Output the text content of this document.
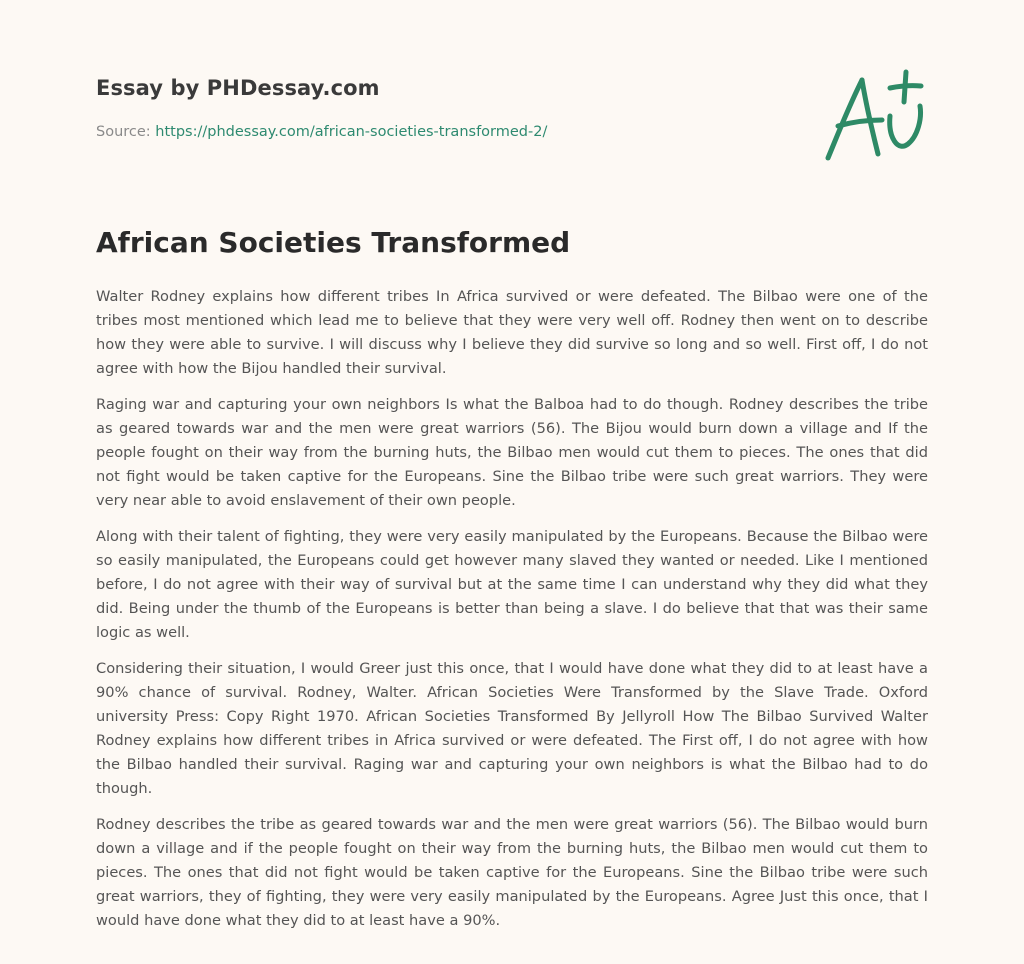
Essay by PHDessay.com
Source: https://phdessay.com/african-societies-transformed-2/
African Societies Transformed

Walter Rodney explains how different tribes In Africa survived or were defeated. The Bilbao were one of the tribes most mentioned which lead me to believe that they were very well off. Rodney then went on to describe how they were able to survive. I will discuss why I believe they did survive so long and so well. First off, I do not agree with how the Bijou handled their survival.

Raging war and capturing your own neighbors Is what the Balboa had to do though. Rodney describes the tribe as geared towards war and the men were great warriors (56). The Bijou would burn down a village and If the people fought on their way from the burning huts, the Bilbao men would cut them to pieces. The ones that did not fight would be taken captive for the Europeans. Sine the Bilbao tribe were such great warriors. They were very near able to avoid enslavement of their own people.

Along with their talent of fighting, they were very easily manipulated by the Europeans. Because the Bilbao were so easily manipulated, the Europeans could get however many slaved they wanted or needed. Like I mentioned before, I do not agree with their way of survival but at the same time I can understand why they did what they did. Being under the thumb of the Europeans is better than being a slave. I do believe that that was their same logic as well.

Considering their situation, I would Greer just this once, that I would have done what they did to at least have a 90% chance of survival. Rodney, Walter. African Societies Were Transformed by the Slave Trade. Oxford university Press: Copy Right 1970. African Societies Transformed By Jellyroll How The Bilbao Survived Walter Rodney explains how different tribes in Africa survived or were defeated. The First off, I do not agree with how the Bilbao handled their survival. Raging war and capturing your own neighbors is what the Bilbao had to do though.

Rodney describes the tribe as geared towards war and the men were great warriors (56). The Bilbao would burn down a village and if the people fought on their way from the burning huts, the Bilbao men would cut them to pieces. The ones that did not fight would be taken captive for the Europeans. Sine the Bilbao tribe were such great warriors, they of fighting, they were very easily manipulated by the Europeans. Agree Just this once, that I would have done what they did to at least have a 90%.
